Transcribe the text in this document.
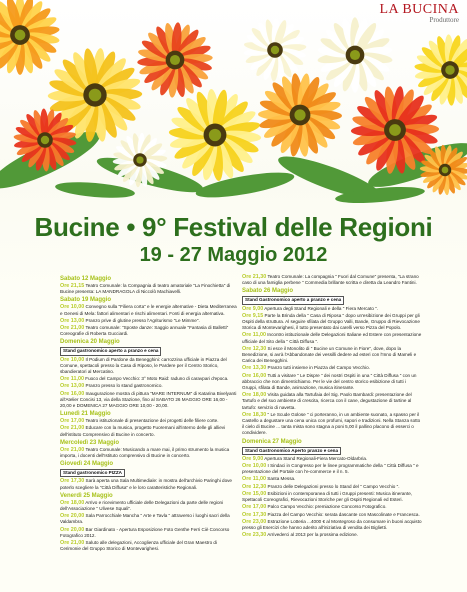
LA BUCINA
Produttore
Bucine • 9° Festival delle Regioni
19 - 27 Maggio 2012
Sabato 12 Maggio
Ore 21,15 Teatro Comunale: la Compagnia di teatro amatoriale "La Finochietta" di Bucine presenta: LA MANDRAGOLA di Niccolò Machiavelli.
Sabato 19 Maggio
Ore 10,00 Convegno sulla "Filiera corta" e le energie alternative - Dieta Mediterranea e Genesi di Mela: fattori alimentari e rischi alimentari. Fonti di energia alternativa.
Ore 13,00 Pranzo prive di glutine presso l'Agriturismo "Le Mimme".
Ore 21,00 Teatro comunale: "Sposte danze: Saggio annuale "Fantasia di Balletti" Coreografie di Roberta Gucciardi.
Domenica 20 Maggio
Stand gastronomico aperto a pranzo e cena
Ore 10,00 Il Podium di Pardone da Benegghini: carrozzina ufficiale in Piazza del Comune, spettacoli presso la Casa di Riposo, le Pardere per il Centro Storico, sbandieratori al Mercatino.
Ore 11,00 Fuoco del Campo Vecchio: 3° Moto Raid: raduno di caravpari d'epoca.
Ore 13,00 Pranzo presso lo stand gastronomico.
Ore 16,00 Inaugurazione mostra di pittura "MARE INTERNUM" di Katarina Bivelyanti all'Atelier Concisi 13, via della Stazione, fino al SABATO 26 MAGGIO ORE 16,00 - 20,00 e DOMENICA 27 MAGGIO ORE 10,00 - 20,00.
Lunedì 21 Maggio
Ore 17,00 Teatro istituzionale di presentazione dei progetti delle filiere corte.
Ore 21,00 Educare con la musica, progetto Fuoremani all'interno delle gli allievi dell'istituto Comprensivo di Bucine in concerto.
Mercoledì 23 Maggio
Ore 21,00 Teatro Comunale: Musicando a mare mai, il primo strumento la musica importa, i docenti dell'Istituto comprensivo di Bucine in concerto.
Giovedì 24 Maggio
Stand gastronomico PIZZA
Ore 17,30 Sarà aperta una Sala Multimediale: in mostra dell'archivio Paringhi dove poterlo scegliere la "Città Diffusa" e le loro caratteristiche Regionali.
Venerdì 25 Maggio
Ore 18,00 Arrivo e ricevimento ufficiale delle Delegazioni da parte delle regioni dell'Associazione " Ulivese Squali".
Ore 20,00 Sala Parrocchiale Mancha " Arte e Tavla " attraverso i luoghi sacri della Valdambra.
Ore 20,00 Bar Giardinato - Apertura Esposizione Foto Genthe Ferri Ciè Concorso Fotografico 2012.
Ore 21,00 Saluto alle delegazioni, Accoglienza ufficiale del Gran Maestro di Cerimonie del Gruppo Storico di Montevarighesi.
Ore 21,30 Teatro Comunale: La compagnia " Fuori dal Comune" presenta, "La strano caso di una famiglia perbene " Commedia brillante scritta e diretta da Leandro Fantini.
Sabato 26 Maggio
Stand Gastronomico aperto a pranzo e cena
Ore 9,00 Apertura degli Stand Regionali e della " Fiera Mercato ".
Ore 9,15 Parte la Brinda della " Casa di Riposa " dopo un'esibizione dei Gruppi per gli Ospiti della struttura. Al seguire sfilata del Gruppo Valli, Bande, Gruppo di Rievocazione Storica di Montevarighesi, il tutto presentato dai carelli verso Pizza del Popolo.
Ore 11,00 Incontro istituzionale delle Delegazioni Italiane ed Estere con presentazione ufficiale del Sito della " Città Diffusa ".
Ore 12,30 Si esce il Monolito di " Bucine un Comune in Fiore", dove, dopo la Benedizione, si avrà l'Abbandonate dei vessilli dedere ad esteri con l'Inno di Mameli e Carica dei Benegghini.
Ore 13,30 Pranzo tutti insieme in Piazza del Campo Vecchio.
Ore 16,00 Tutti a visitare " Le Dispre " dei nostri Ospiti in una " Città Diffusa " con un abbraccio che non dimentichiamo. Per le vie del centro storico esibizione di tutti i Gruppi, sfilata di Bande, animazione, musica itinerante.
Ore 18,00 Visita guidata alla Tartufaia del Sig. Paolo Bambardi: presentazione del Tartufo e del suo ambiente di crescita, ricerca con il cane, degustazione di tartine al tartufo: servizio di navetta.
Ore 18,30 " Le Scude Golose " ci porteranno, in un ambiente suonato, a spasso per il Castello a degustare una cena unica con profumi, sapori e tradizioni. Nella Stanza sotto il cielo di Bucine ... tanta mista sono stagna a poni 5,00 il pallino placono di esserci o condividere.
Domenica 27 Maggio
Stand Gastronomico Aperto pranzo e cena
Ore 9,00 Apertura Stand Regionali-Fiera Mercato-Oldarbria.
Ore 10,00 I Sindaci in Congresso per le linee programmatiche della " Città Diffusa " e presentazione del Portale con l'e-commerce e il n. 5.
Ore 11,00 Santa Messa.
Ore 12,30 Pranzo delle Delegazioni presso lo Stand del " Campo Vecchio ".
Ore 15,00 Esibizioni in contemporanea di tutti i Gruppi presenti: Musica itinerante, Spettacoli Coreografici, Rievocazioni Storiche per gli Ospiti Regionali ed Esteri.
Ore 17,00 Palco Campo Vecchio: premiazione Concorso Fotografico.
Ore 17,30 Piazza del Campo Vecchio: serata dascante con Mascolinate e Francesca.
Ore 23,00 Estrazione Lotteria ...4000 € al Montegroso da consumare in buoni acquisto presso gli Esercizi che hanno aderito all'iniziativa di vendita dei Biglietti.
Ore 23,30 Arrivederci al 2013 per la prossima edizione.
